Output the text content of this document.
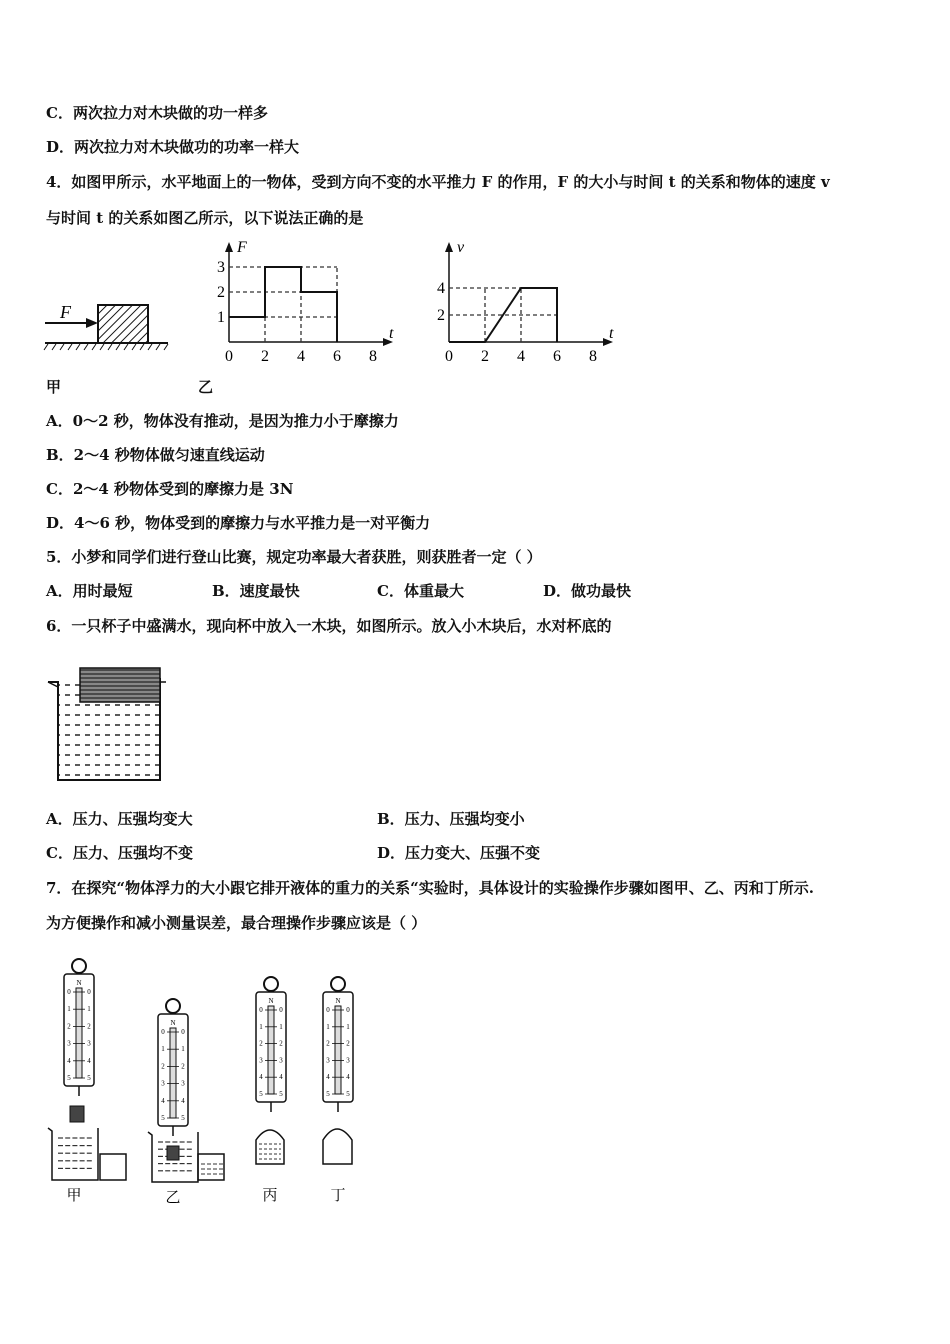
C．两次拉力对木块做的功一样多
D．两次拉力对木块做功的功率一样大
4．如图甲所示，水平地面上的一物体，受到方向不变的水平推力 F 的作用，F 的大小与时间 t 的关系和物体的速度 v
与时间 t 的关系如图乙所示，以下说法正确的是
F
F
t
0 2 4 6 8
1
2
3
v
t
0 2 4 6 8
2
4
甲	乙
A．0～2 秒，物体没有推动，是因为推力小于摩擦力
B．2～4 秒物体做匀速直线运动
C．2～4 秒物体受到的摩擦力是 3N
D．4～6 秒，物体受到的摩擦力与水平推力是一对平衡力
5．小梦和同学们进行登山比赛，规定功率最大者获胜，则获胜者一定（ ）
A．用时最短	B．速度最快	C．体重最大	D．做功最快
6．一只杯子中盛满水，现向杯中放入一木块，如图所示。放入小木块后，水对杯底的
A．压力、压强均变大	B．压力、压强均变小
C．压力、压强均不变	D．压力变大、压强不变
7．在探究“物体浮力的大小跟它排开液体的重力的关系“实验时，具体设计的实验操作步骤如图甲、乙、丙和丁所示.
为方便操作和减小测量误差，最合理操作步骤应该是（ ）
N
0 0
1 1
2 2
3 3
4 4
5 5
甲
N
0 0
1 1
2 2
3 3
4 4
5 5
乙
N
0 0
1 1
2 2
3 3
4 4
5 5
丙
N
0 0
1 1
2 2
3 3
4 4
5 5
丁
